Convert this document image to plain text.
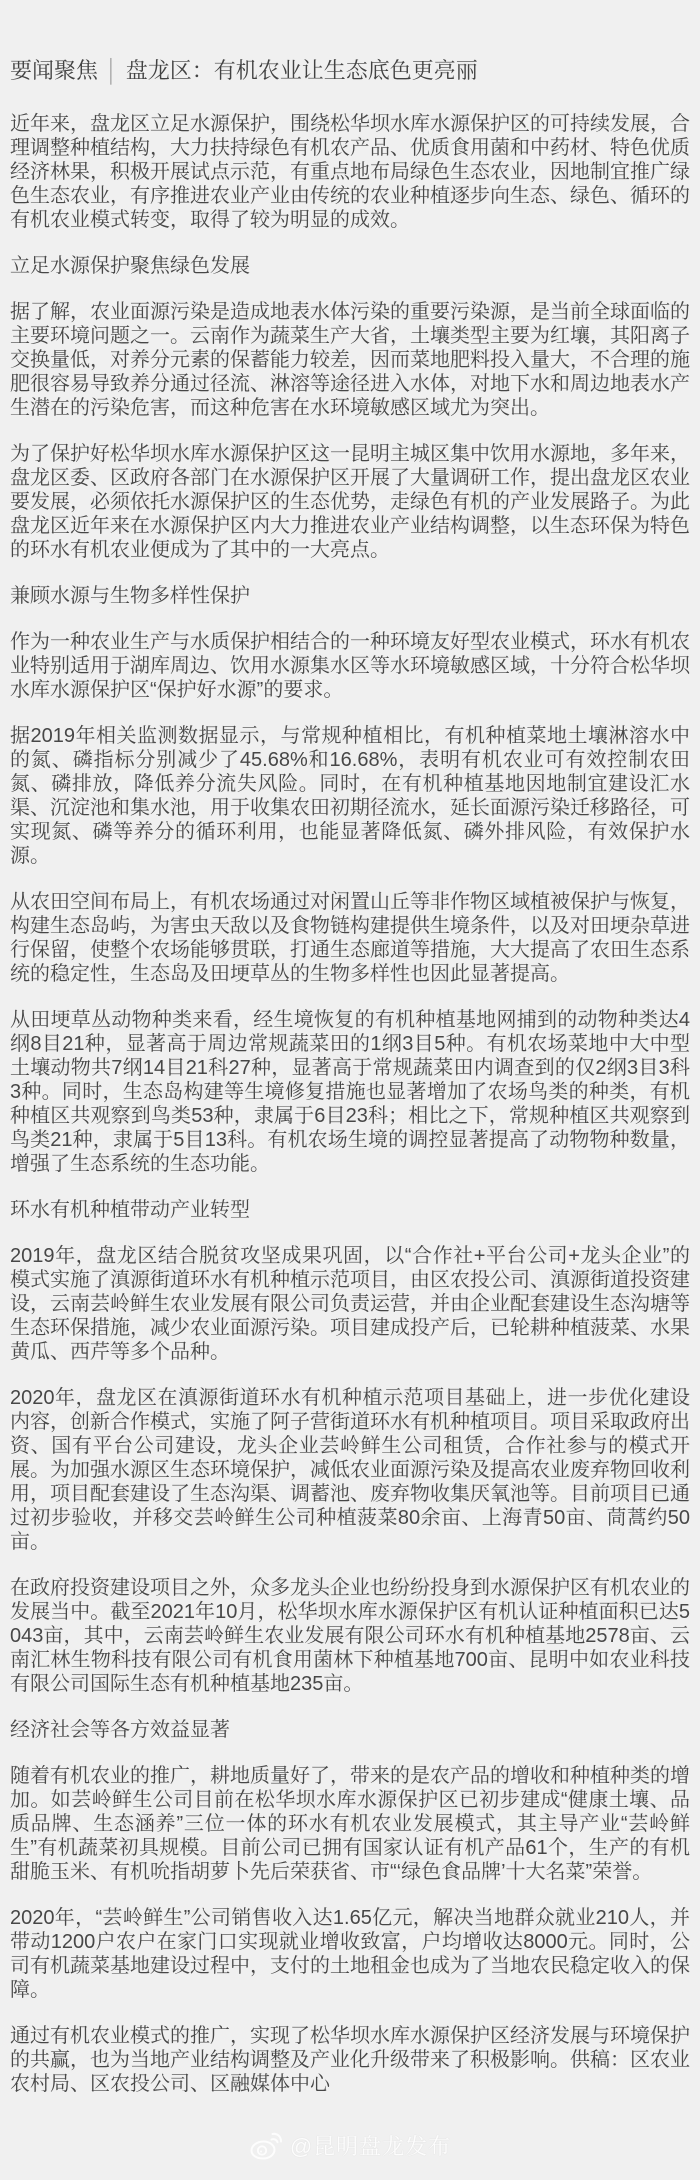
要闻聚焦 │ 盘龙区：有机农业让生态底色更亮丽
近年来，盘龙区立足水源保护，围绕松华坝水库水源保护区的可持续发展，合理调整种植结构，大力扶持绿色有机农产品、优质食用菌和中药材、特色优质经济林果，积极开展试点示范，有重点地布局绿色生态农业，因地制宜推广绿色生态农业，有序推进农业产业由传统的农业种植逐步向生态、绿色、循环的有机农业模式转变，取得了较为明显的成效。
立足水源保护聚焦绿色发展
据了解，农业面源污染是造成地表水体污染的重要污染源，是当前全球面临的主要环境问题之一。云南作为蔬菜生产大省，土壤类型主要为红壤，其阳离子交换量低，对养分元素的保蓄能力较差，因而菜地肥料投入量大，不合理的施肥很容易导致养分通过径流、淋溶等途径进入水体，对地下水和周边地表水产生潜在的污染危害，而这种危害在水环境敏感区域尤为突出。
为了保护好松华坝水库水源保护区这一昆明主城区集中饮用水源地，多年来，盘龙区委、区政府各部门在水源保护区开展了大量调研工作，提出盘龙区农业要发展，必须依托水源保护区的生态优势，走绿色有机的产业发展路子。为此盘龙区近年来在水源保护区内大力推进农业产业结构调整，以生态环保为特色的环水有机农业便成为了其中的一大亮点。
兼顾水源与生物多样性保护
作为一种农业生产与水质保护相结合的一种环境友好型农业模式，环水有机农业特别适用于湖库周边、饮用水源集水区等水环境敏感区域，十分符合松华坝水库水源保护区“保护好水源”的要求。
据2019年相关监测数据显示，与常规种植相比，有机种植菜地土壤淋溶水中的氮、磷指标分别减少了45.68%和16.68%，表明有机农业可有效控制农田氮、磷排放，降低养分流失风险。同时，在有机种植基地因地制宜建设汇水渠、沉淀池和集水池，用于收集农田初期径流水，延长面源污染迁移路径，可实现氮、磷等养分的循环利用，也能显著降低氮、磷外排风险，有效保护水源。
从农田空间布局上，有机农场通过对闲置山丘等非作物区域植被保护与恢复，构建生态岛屿，为害虫天敌以及食物链构建提供生境条件，以及对田埂杂草进行保留，使整个农场能够贯联，打通生态廊道等措施，大大提高了农田生态系统的稳定性，生态岛及田埂草丛的生物多样性也因此显著提高。
从田埂草丛动物种类来看，经生境恢复的有机种植基地网捕到的动物种类达4纲8目21种，显著高于周边常规蔬菜田的1纲3目5种。有机农场菜地中大中型土壤动物共7纲14目21科27种，显著高于常规蔬菜田内调查到的仅2纲3目3科3种。同时，生态岛构建等生境修复措施也显著增加了农场鸟类的种类，有机种植区共观察到鸟类53种，隶属于6目23科；相比之下，常规种植区共观察到鸟类21种，隶属于5目13科。有机农场生境的调控显著提高了动物物种数量，增强了生态系统的生态功能。
环水有机种植带动产业转型
2019年，盘龙区结合脱贫攻坚成果巩固，以“合作社+平台公司+龙头企业”的模式实施了滇源街道环水有机种植示范项目，由区农投公司、滇源街道投资建设，云南芸岭鲜生农业发展有限公司负责运营，并由企业配套建设生态沟塘等生态环保措施，减少农业面源污染。项目建成投产后，已轮耕种植菠菜、水果黄瓜、西芹等多个品种。
2020年，盘龙区在滇源街道环水有机种植示范项目基础上，进一步优化建设内容，创新合作模式，实施了阿子营街道环水有机种植项目。项目采取政府出资、国有平台公司建设，龙头企业芸岭鲜生公司租赁，合作社参与的模式开展。为加强水源区生态环境保护，减低农业面源污染及提高农业废弃物回收利用，项目配套建设了生态沟渠、调蓄池、废弃物收集厌氧池等。目前项目已通过初步验收，并移交芸岭鲜生公司种植菠菜80余亩、上海青50亩、茼蒿约50亩。
在政府投资建设项目之外，众多龙头企业也纷纷投身到水源保护区有机农业的发展当中。截至2021年10月，松华坝水库水源保护区有机认证种植面积已达5043亩，其中，云南芸岭鲜生农业发展有限公司环水有机种植基地2578亩、云南汇林生物科技有限公司有机食用菌林下种植基地700亩、昆明中如农业科技有限公司国际生态有机种植基地235亩。
经济社会等各方效益显著
随着有机农业的推广，耕地质量好了，带来的是农产品的增收和种植种类的增加。如芸岭鲜生公司目前在松华坝水库水源保护区已初步建成“健康土壤、品质品牌、生态涵养”三位一体的环水有机农业发展模式，其主导产业“芸岭鲜生”有机蔬菜初具规模。目前公司已拥有国家认证有机产品61个，生产的有机甜脆玉米、有机吮指胡萝卜先后荣获省、市“‘绿色食品牌’十大名菜”荣誉。
2020年，“芸岭鲜生”公司销售收入达1.65亿元，解决当地群众就业210人，并带动1200户农户在家门口实现就业增收致富，户均增收达8000元。同时，公司有机蔬菜基地建设过程中，支付的土地租金也成为了当地农民稳定收入的保障。
通过有机农业模式的推广，实现了松华坝水库水源保护区经济发展与环境保护的共赢，也为当地产业结构调整及产业化升级带来了积极影响。供稿：区农业农村局、区农投公司、区融媒体中心
@昆明盘龙发布
